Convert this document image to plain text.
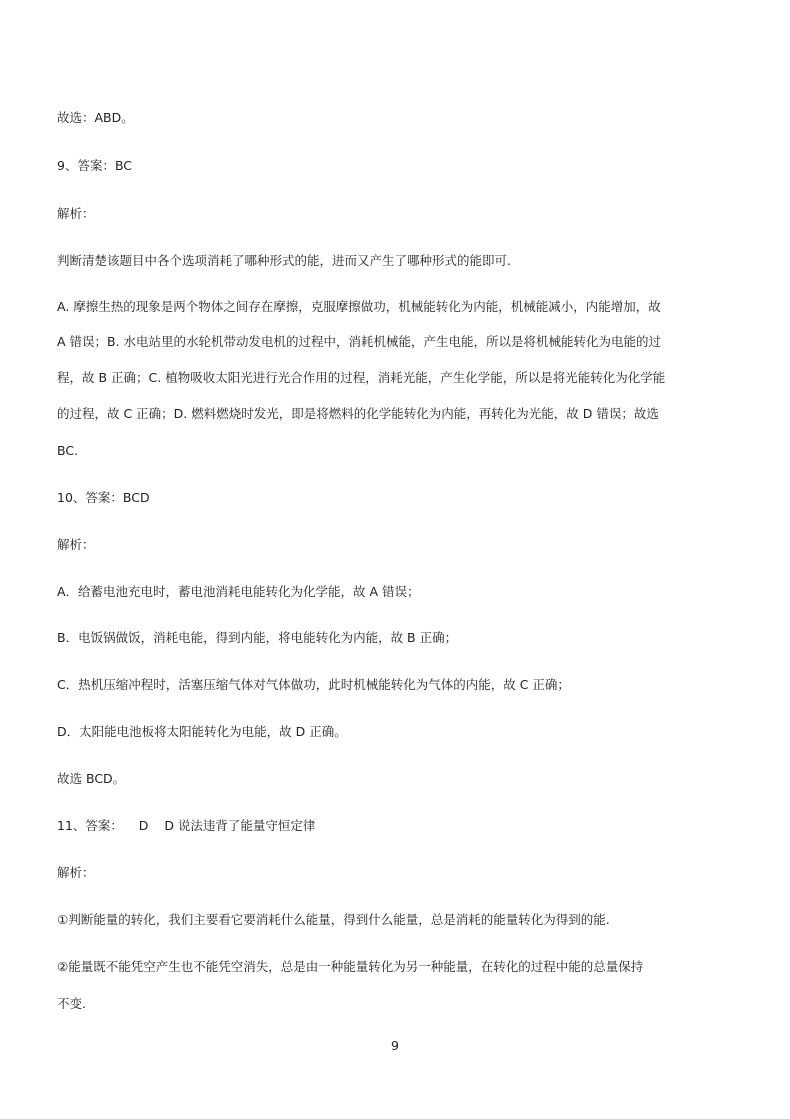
故选：ABD。
9、答案：BC
解析：
判断清楚该题目中各个选项消耗了哪种形式的能，进而又产生了哪种形式的能即可.
A. 摩擦生热的现象是两个物体之间存在摩擦，克服摩擦做功，机械能转化为内能，机械能减小，内能增加，故
A 错误；B. 水电站里的水轮机带动发电机的过程中，消耗机械能，产生电能，所以是将机械能转化为电能的过
程，故 B 正确；C. 植物吸收太阳光进行光合作用的过程，消耗光能，产生化学能，所以是将光能转化为化学能
的过程，故 C 正确；D. 燃料燃烧时发光，即是将燃料的化学能转化为内能，再转化为光能，故 D 错误；故选
BC.
10、答案：BCD
解析：
A．给蓄电池充电时，蓄电池消耗电能转化为化学能，故 A 错误；
B．电饭锅做饭，消耗电能，得到内能，将电能转化为内能，故 B 正确；
C．热机压缩冲程时，活塞压缩气体对气体做功，此时机械能转化为气体的内能，故 C 正确；
D．太阳能电池板将太阳能转化为电能，故 D 正确。
故选 BCD。
11、答案：    D    D 说法违背了能量守恒定律
解析：
①判断能量的转化，我们主要看它要消耗什么能量，得到什么能量，总是消耗的能量转化为得到的能.
②能量既不能凭空产生也不能凭空消失，总是由一种能量转化为另一种能量，在转化的过程中能的总量保持
不变.
9
